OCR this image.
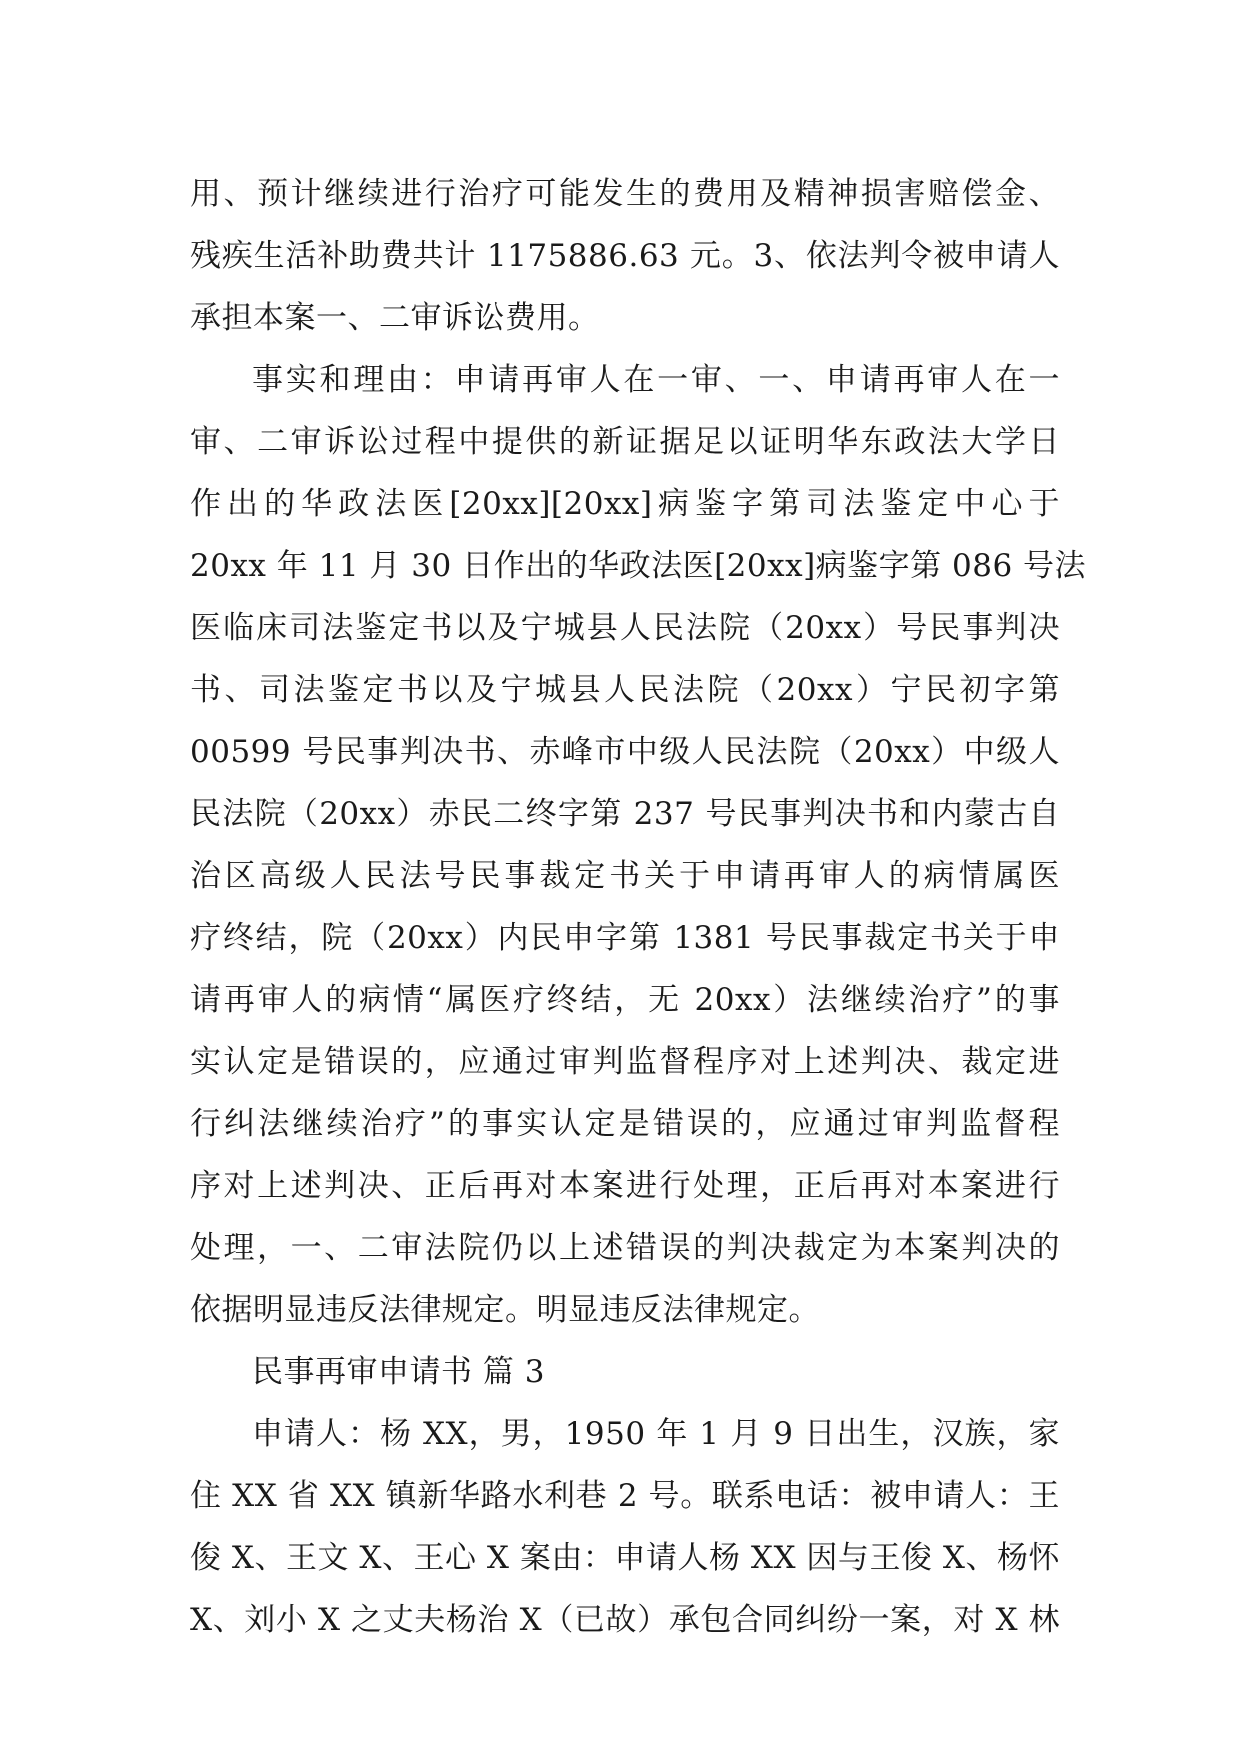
用、预计继续进行治疗可能发生的费用及精神损害赔偿金、
残疾生活补助费共计 1175886.63 元。3、依法判令被申请人
承担本案一、二审诉讼费用。
事实和理由：申请再审人在一审、一、申请再审人在一
审、二审诉讼过程中提供的新证据足以证明华东政法大学日
作出的华政法医[20xx][20xx]病鉴字第司法鉴定中心于
20xx 年 11 月 30 日作出的华政法医[20xx]病鉴字第 086 号法
医临床司法鉴定书以及宁城县人民法院（20xx）号民事判决
书、司法鉴定书以及宁城县人民法院（20xx）宁民初字第
00599 号民事判决书、赤峰市中级人民法院（20xx）中级人
民法院（20xx）赤民二终字第 237 号民事判决书和内蒙古自
治区高级人民法号民事裁定书关于申请再审人的病情属医
疗终结，院（20xx）内民申字第 1381 号民事裁定书关于申
请再审人的病情“属医疗终结，无 20xx）法继续治疗”的事
实认定是错误的，应通过审判监督程序对上述判决、裁定进
行纠法继续治疗”的事实认定是错误的，应通过审判监督程
序对上述判决、正后再对本案进行处理，正后再对本案进行
处理，一、二审法院仍以上述错误的判决裁定为本案判决的
依据明显违反法律规定。明显违反法律规定。
民事再审申请书 篇 3
申请人：杨 XX，男，1950 年 1 月 9 日出生，汉族，家
住 XX 省 XX 镇新华路水利巷 2 号。联系电话：被申请人：王
俊 X、王文 X、王心 X 案由：申请人杨 XX 因与王俊 X、杨怀
X、刘小 X 之丈夫杨治 X（已故）承包合同纠纷一案，对 X 林
